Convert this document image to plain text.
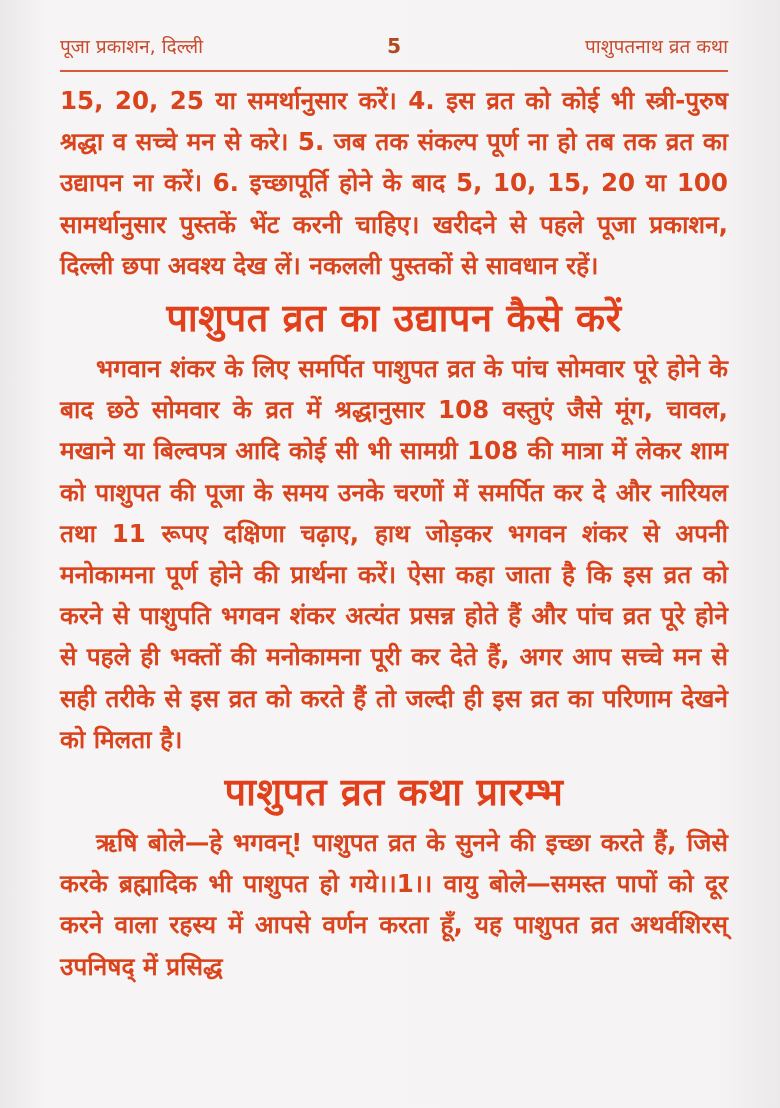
पूजा प्रकाशन, दिल्ली	5	पाशुपतनाथ व्रत कथा

15, 20, 25 या समर्थानुसार करें। 4. इस व्रत को कोई भी स्त्री-पुरुष श्रद्धा व सच्चे मन से करे। 5. जब तक संकल्प पूर्ण ना हो तब तक व्रत का उद्यापन ना करें। 6. इच्छापूर्ति होने के बाद 5, 10, 15, 20 या 100 सामर्थानुसार पुस्तकें भेंट करनी चाहिए। खरीदने से पहले पूजा प्रकाशन, दिल्ली छपा अवश्य देख लें। नकलली पुस्तकों से सावधान रहें।

पाशुपत व्रत का उद्यापन कैसे करें

भगवान शंकर के लिए समर्पित पाशुपत व्रत के पांच सोमवार पूरे होने के बाद छठे सोमवार के व्रत में श्रद्धानुसार 108 वस्तुएं जैसे मूंग, चावल, मखाने या बिल्वपत्र आदि कोई सी भी सामग्री 108 की मात्रा में लेकर शाम को पाशुपत की पूजा के समय उनके चरणों में समर्पित कर दे और नारियल तथा 11 रूपए दक्षिणा चढ़ाए, हाथ जोड़कर भगवन शंकर से अपनी मनोकामना पूर्ण होने की प्रार्थना करें। ऐसा कहा जाता है कि इस व्रत को करने से पाशुपति भगवन शंकर अत्यंत प्रसन्न होते हैं और पांच व्रत पूरे होने से पहले ही भक्तों की मनोकामना पूरी कर देते हैं, अगर आप सच्चे मन से सही तरीके से इस व्रत को करते हैं तो जल्दी ही इस व्रत का परिणाम देखने को मिलता है।

पाशुपत व्रत कथा प्रारम्भ

ऋषि बोले—हे भगवन्! पाशुपत व्रत के सुनने की इच्छा करते हैं, जिसे करके ब्रह्मादिक भी पाशुपत हो गये।।1।। वायु बोले—समस्त पापों को दूर करने वाला रहस्य में आपसे वर्णन करता हूँ, यह पाशुपत व्रत अथर्वशिरस् उपनिषद् में प्रसिद्ध
